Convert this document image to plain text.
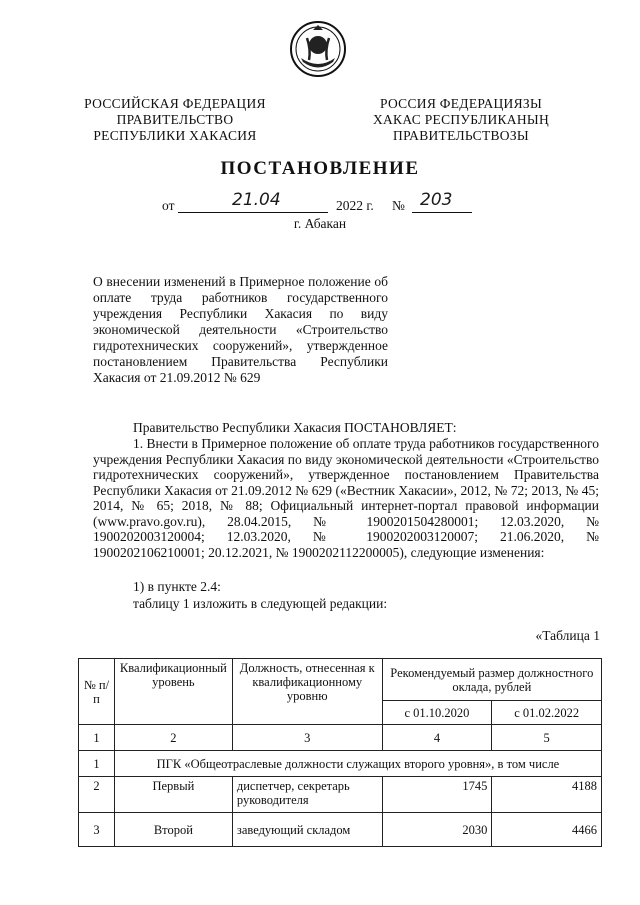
РОССИЙСКАЯ ФЕДЕРАЦИЯ
ПРАВИТЕЛЬСТВО
РЕСПУБЛИКИ ХАКАСИЯ
РОССИЯ ФЕДЕРАЦИЯЗЫ
ХАКАС РЕСПУБЛИКАНЫҢ
ПРАВИТЕЛЬСТВОЗЫ
ПОСТАНОВЛЕНИЕ
от	21.04	2022 г. № 203
г. Абакан
О внесении изменений в Примерное положение об оплате труда работников государственного учреждения Республики Хакасия по виду экономической деятельности «Строительство гидротехнических сооружений», утвержденное постановлением Правительства Республики Хакасия от 21.09.2012 № 629
Правительство Республики Хакасия ПОСТАНОВЛЯЕТ:
1. Внести в Примерное положение об оплате труда работников государственного учреждения Республики Хакасия по виду экономической деятельности «Строительство гидротехнических сооружений», утвержденное постановлением Правительства Республики Хакасия от 21.09.2012 № 629 («Вестник Хакасии», 2012, № 72; 2013, № 45; 2014, № 65; 2018, № 88; Официальный интернет-портал правовой информации (www.pravo.gov.ru), 28.04.2015, № 1900201504280001; 12.03.2020, № 1900202003120004; 12.03.2020, № 1900202003120007; 21.06.2020, № 1900202106210001; 20.12.2021, № 1900202112200005), следующие изменения:
1) в пункте 2.4:
таблицу 1 изложить в следующей редакции:
«Таблица 1
№ п/п	Квалификационный уровень	Должность, отнесенная к квалификационному уровню	Рекомендуемый размер должностного оклада, рублей	
			с 01.10.2020	с 01.02.2022
1	2	3	4	5
1	ПГК «Общеотраслевые должности служащих второго уровня», в том числе			
2	Первый	диспетчер, секретарь руководителя	1745	4188
3	Второй	заведующий складом	2030	4466
